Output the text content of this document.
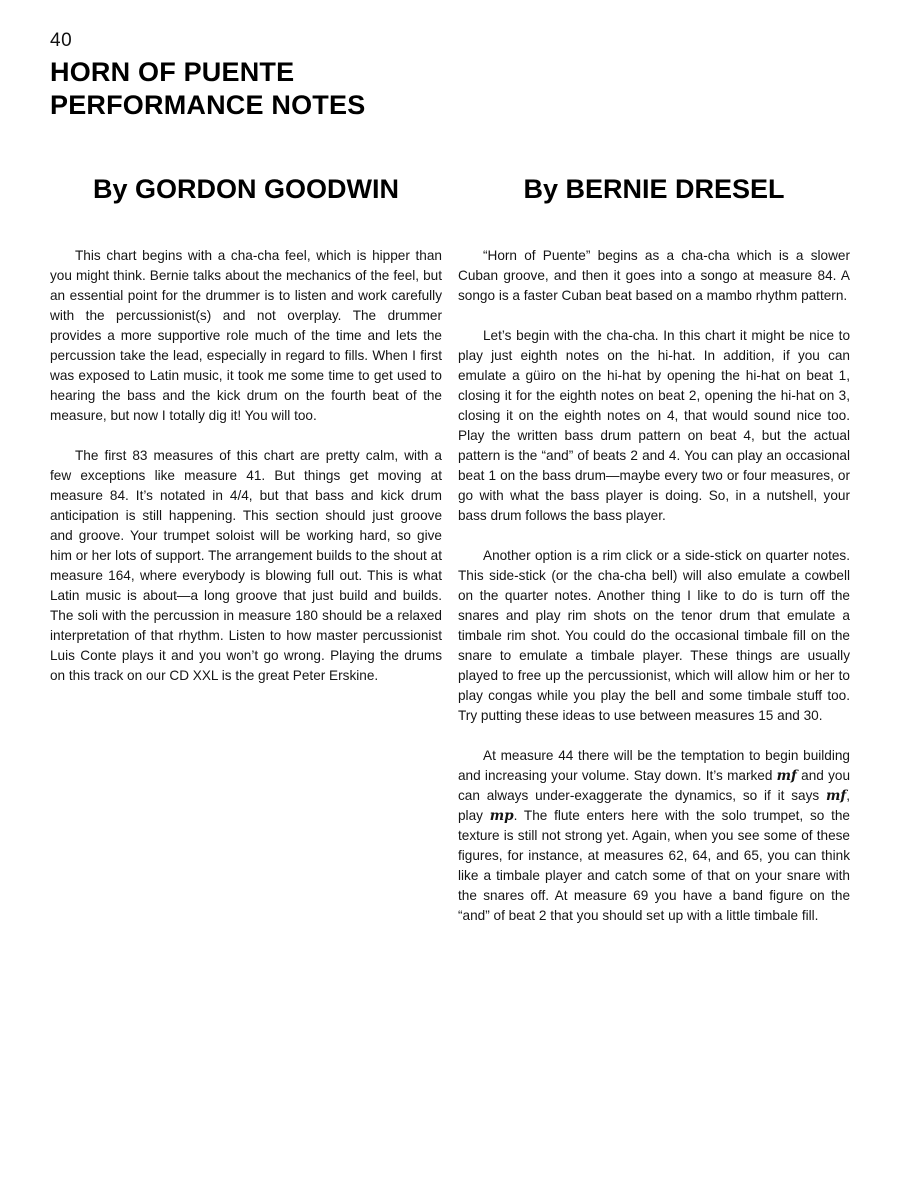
40
HORN OF PUENTE
PERFORMANCE NOTES
By GORDON GOODWIN

This chart begins with a cha-cha feel, which is hipper than you might think. Bernie talks about the mechanics of the feel, but an essential point for the drummer is to listen and work carefully with the percussionist(s) and not overplay. The drummer provides a more supportive role much of the time and lets the percussion take the lead, especially in regard to fills. When I first was exposed to Latin music, it took me some time to get used to hearing the bass and the kick drum on the fourth beat of the measure, but now I totally dig it! You will too.

The first 83 measures of this chart are pretty calm, with a few exceptions like measure 41. But things get moving at measure 84. It’s notated in 4/4, but that bass and kick drum anticipation is still happening. This section should just groove and groove. Your trumpet soloist will be working hard, so give him or her lots of support. The arrangement builds to the shout at measure 164, where everybody is blowing full out. This is what Latin music is about—a long groove that just build and builds. The soli with the percussion in measure 180 should be a relaxed interpretation of that rhythm. Listen to how master percussionist Luis Conte plays it and you won’t go wrong. Playing the drums on this track on our CD XXL is the great Peter Erskine.

By BERNIE DRESEL

“Horn of Puente” begins as a cha-cha which is a slower Cuban groove, and then it goes into a songo at measure 84. A songo is a faster Cuban beat based on a mambo rhythm pattern.

Let’s begin with the cha-cha. In this chart it might be nice to play just eighth notes on the hi-hat. In addition, if you can emulate a güiro on the hi-hat by opening the hi-hat on beat 1, closing it for the eighth notes on beat 2, opening the hi-hat on 3, closing it on the eighth notes on 4, that would sound nice too. Play the written bass drum pattern on beat 4, but the actual pattern is the “and” of beats 2 and 4. You can play an occasional beat 1 on the bass drum—maybe every two or four measures, or go with what the bass player is doing. So, in a nutshell, your bass drum follows the bass player.

Another option is a rim click or a side-stick on quarter notes. This side-stick (or the cha-cha bell) will also emulate a cowbell on the quarter notes. Another thing I like to do is turn off the snares and play rim shots on the tenor drum that emulate a timbale rim shot. You could do the occasional timbale fill on the snare to emulate a timbale player. These things are usually played to free up the percussionist, which will allow him or her to play congas while you play the bell and some timbale stuff too. Try putting these ideas to use between measures 15 and 30.

At measure 44 there will be the temptation to begin building and increasing your volume. Stay down. It’s marked mf and you can always under-exaggerate the dynamics, so if it says mf, play mp. The flute enters here with the solo trumpet, so the texture is still not strong yet. Again, when you see some of these figures, for instance, at measures 62, 64, and 65, you can think like a timbale player and catch some of that on your snare with the snares off. At measure 69 you have a band figure on the “and” of beat 2 that you should set up with a little timbale fill.
